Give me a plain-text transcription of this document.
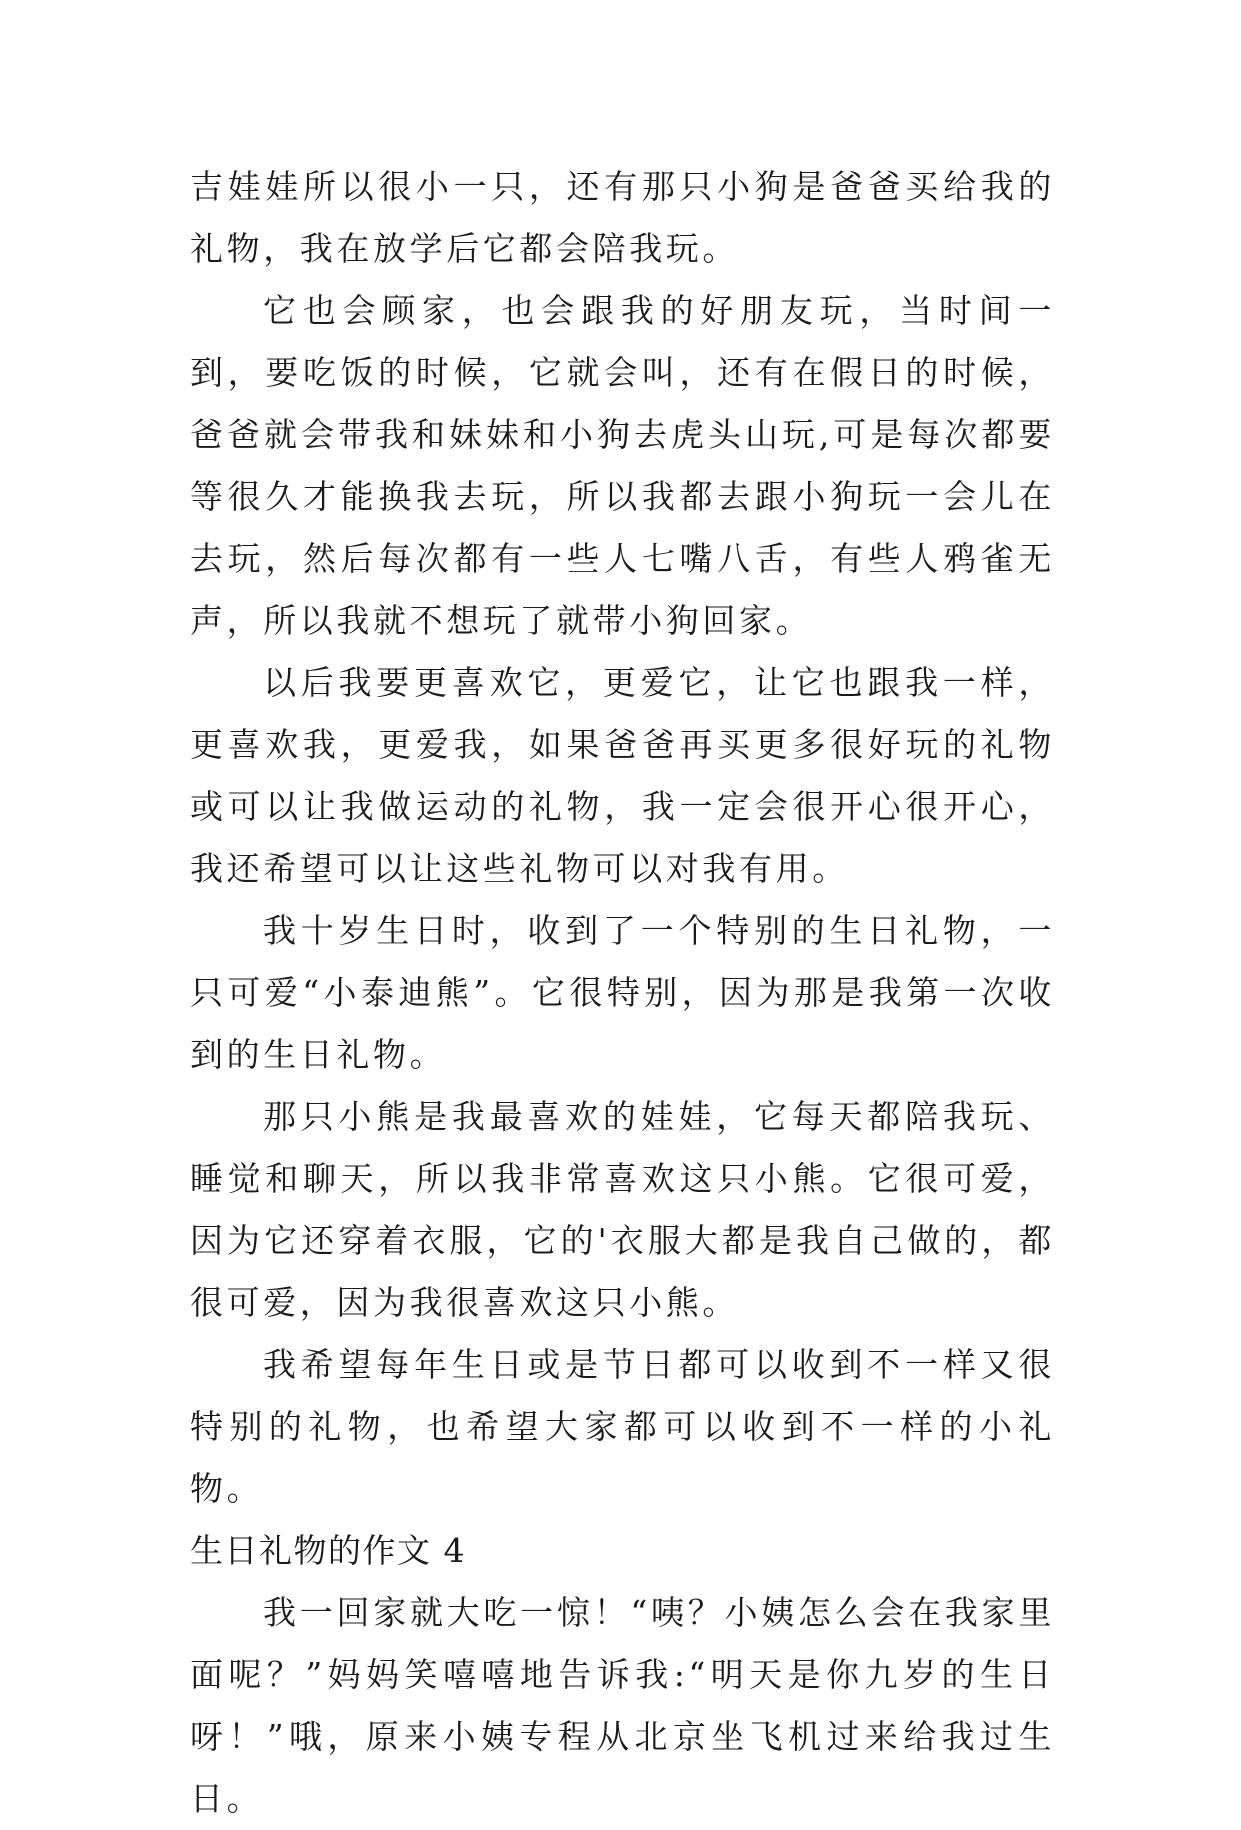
吉娃娃所以很小一只，还有那只小狗是爸爸买给我的礼物，我在放学后它都会陪我玩。

它也会顾家，也会跟我的好朋友玩，当时间一到，要吃饭的时候，它就会叫，还有在假日的时候，爸爸就会带我和妹妹和小狗去虎头山玩,可是每次都要等很久才能换我去玩，所以我都去跟小狗玩一会儿在去玩，然后每次都有一些人七嘴八舌，有些人鸦雀无声，所以我就不想玩了就带小狗回家。

以后我要更喜欢它，更爱它，让它也跟我一样，更喜欢我，更爱我，如果爸爸再买更多很好玩的礼物或可以让我做运动的礼物，我一定会很开心很开心，我还希望可以让这些礼物可以对我有用。

我十岁生日时，收到了一个特别的生日礼物，一只可爱“小泰迪熊”。它很特别，因为那是我第一次收到的生日礼物。

那只小熊是我最喜欢的娃娃，它每天都陪我玩、睡觉和聊天，所以我非常喜欢这只小熊。它很可爱，因为它还穿着衣服，它的'衣服大都是我自己做的，都很可爱，因为我很喜欢这只小熊。

我希望每年生日或是节日都可以收到不一样又很特别的礼物，也希望大家都可以收到不一样的小礼物。

生日礼物的作文 4

我一回家就大吃一惊！“咦？小姨怎么会在我家里面呢？”妈妈笑嘻嘻地告诉我:“明天是你九岁的生日呀！”哦，原来小姨专程从北京坐飞机过来给我过生日。
